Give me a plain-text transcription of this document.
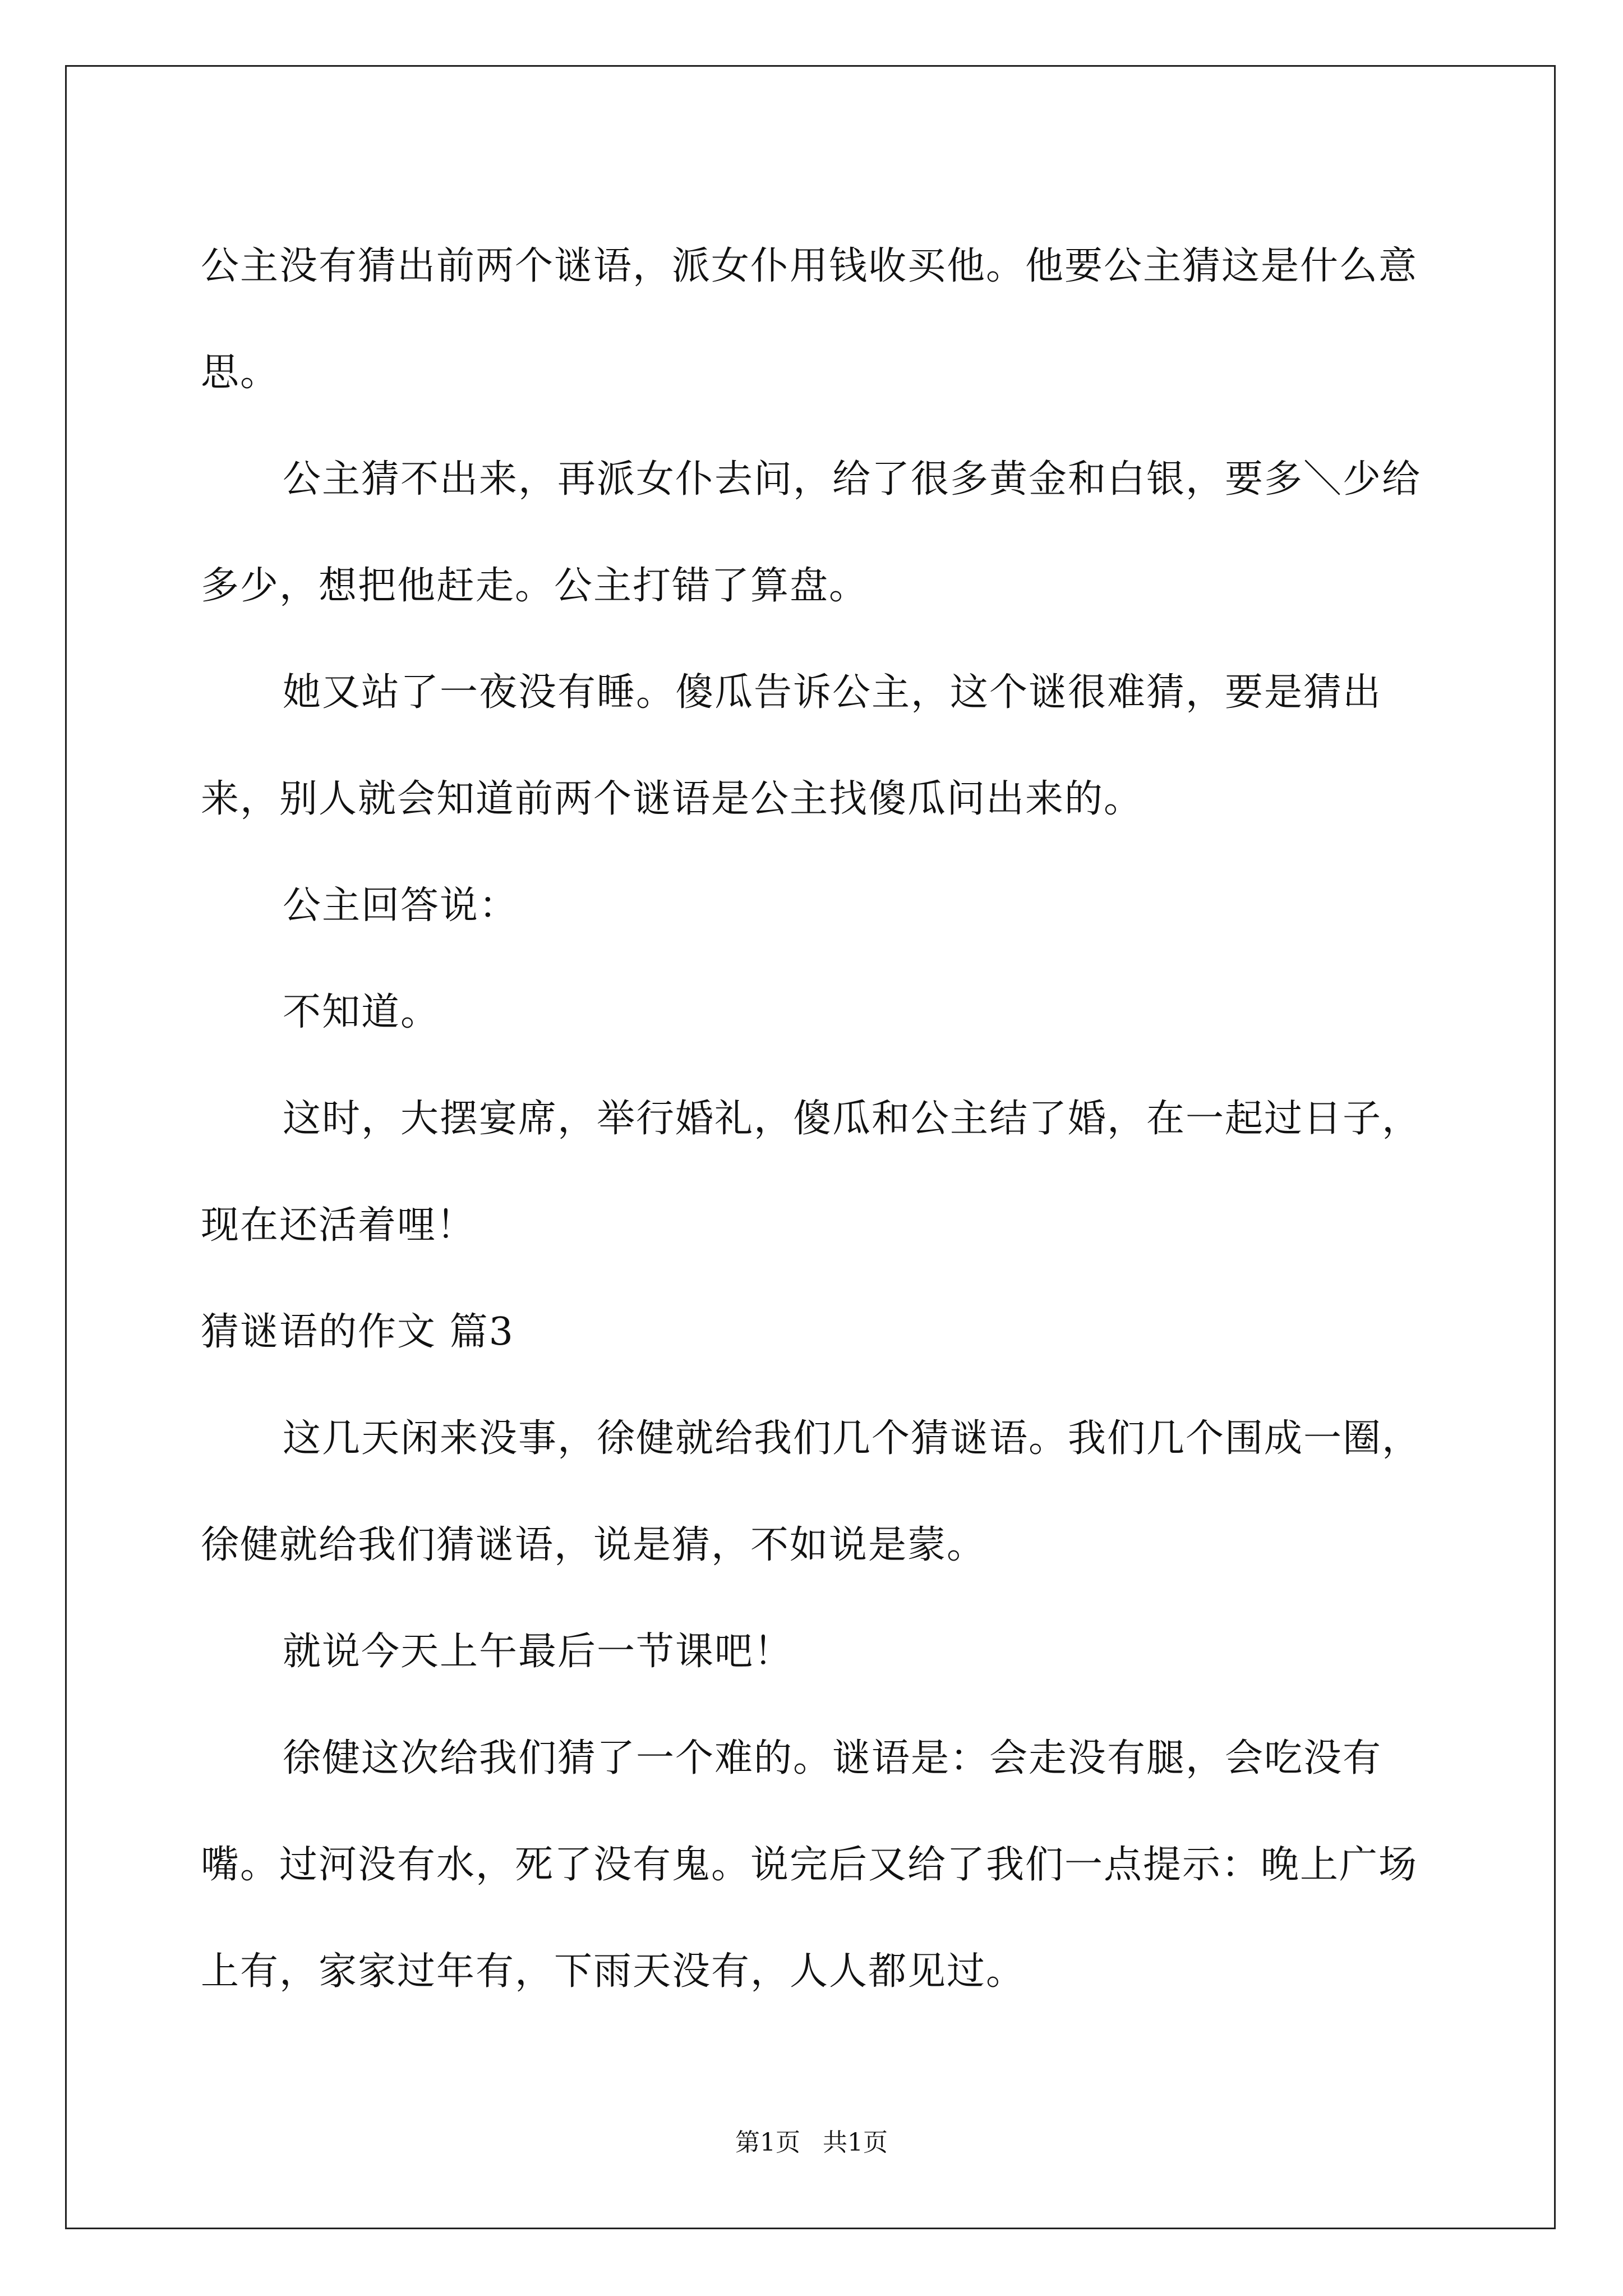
公主没有猜出前两个谜语，派女仆用钱收买他。他要公主猜这是什么意思。

公主猜不出来，再派女仆去问，给了很多黄金和白银，要多＼少给多少，想把他赶走。公主打错了算盘。

她又站了一夜没有睡。傻瓜告诉公主，这个谜很难猜，要是猜出来，别人就会知道前两个谜语是公主找傻瓜问出来的。

公主回答说：

不知道。

这时，大摆宴席，举行婚礼，傻瓜和公主结了婚，在一起过日子，现在还活着哩！

猜谜语的作文 篇3

这几天闲来没事，徐健就给我们几个猜谜语。我们几个围成一圈，徐健就给我们猜谜语，说是猜，不如说是蒙。

就说今天上午最后一节课吧！

徐健这次给我们猜了一个难的。谜语是：会走没有腿，会吃没有嘴。过河没有水，死了没有鬼。说完后又给了我们一点提示：晚上广场上有，家家过年有，下雨天没有，人人都见过。

第1页 共1页
